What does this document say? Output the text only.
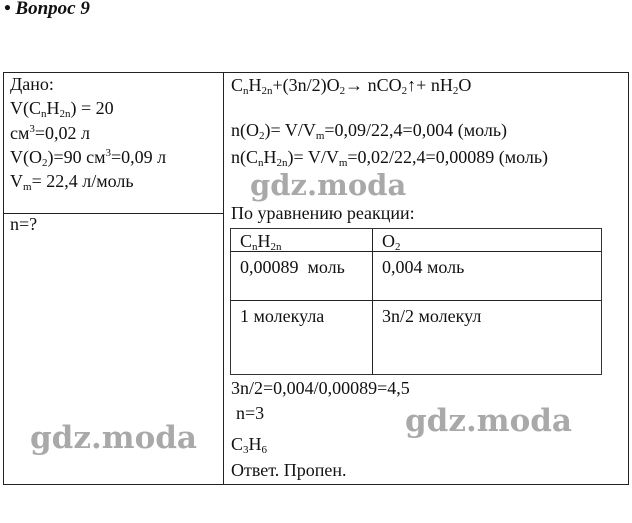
• Вопрос 9
Дано:
$V(C_nH_{2n}) = 20$
$см^3=0,02$ л
$V(O_2)=90$ $см^3=0,09$ л
$V_m= 22,4$ л/моль
n=?
$C_nH_{2n}+(3n/2)O_2\to$ nCO$_2$↑+ $nH_2O$
$n(O_2)= V/V_m=0,09/22,4=0,004$ (моль)
$n(C_nH_{2n})= V/V_m=0,02/22,4=0,00089$ (моль)
По уравнению реакции:
$C_nH_{2n}$	$O_2$
0,00089  моль 0,004 моль
1 молекула	3n/2 молекул
3n/2=0,004/0,00089=4,5
n=3
$C_3H_6$
Ответ. Пропен.
gdz.moda
gdz.moda	gdz.moda
